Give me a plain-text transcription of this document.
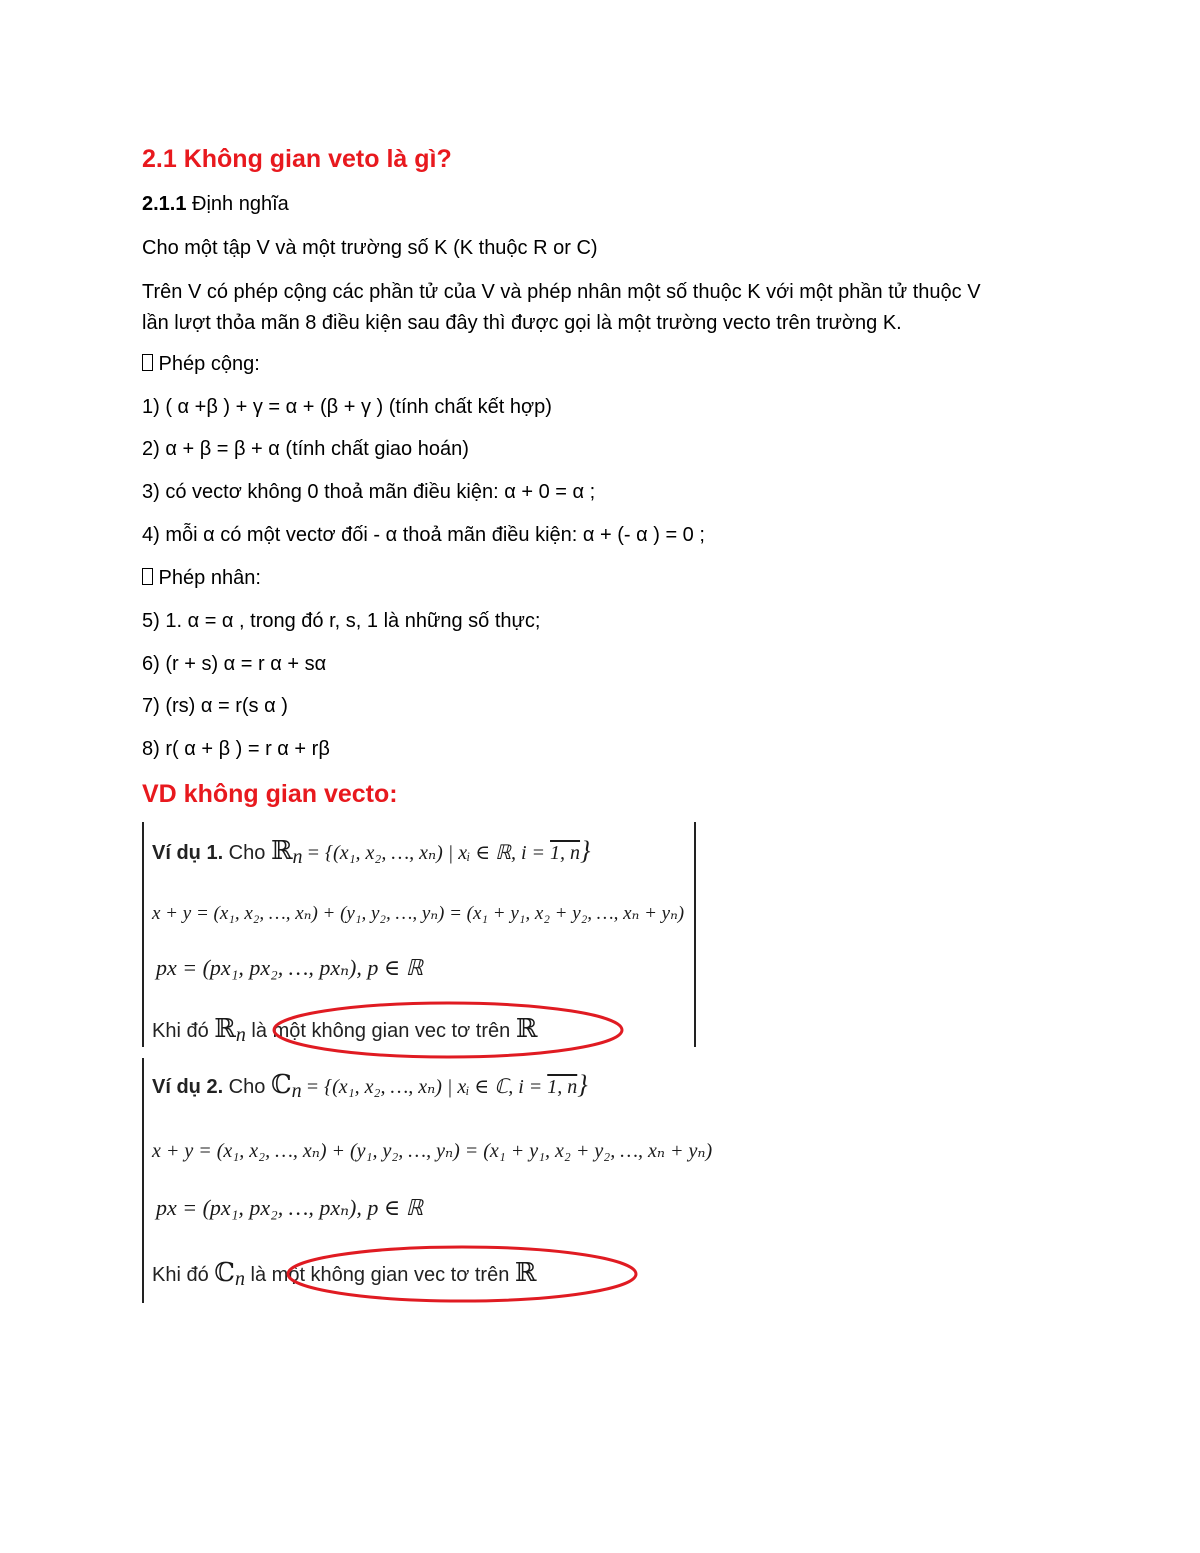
2.1 Không gian veto là gì?
2.1.1 Định nghĩa
Cho một tập V và một trường số K (K thuộc R or C)
Trên V có phép cộng các phần tử của V và phép nhân một số thuộc K với một phần tử thuộc V
lần lượt thỏa mãn 8 điều kiện sau đây thì được gọi là một trường vecto trên trường K.
Phép cộng:
1) ( α +β ) + γ = α + (β + γ ) (tính chất kết hợp)
2) α + β = β + α (tính chất giao hoán)
3) có vectơ không 0 thoả mãn điều kiện: α + 0 = α ;
4) mỗi α có một vectơ đối - α thoả mãn điều kiện: α + (- α ) = 0 ;
Phép nhân:
5) 1. α = α , trong đó r, s, 1 là những số thực;
6) (r + s) α = r α + sα
7) (rs) α = r(s α )
8) r( α + β ) = r α + rβ
VD không gian vecto:
Ví dụ 1. Cho ℝ$_n$ = {(x₁, x₂, …, xₙ) | xᵢ ∈ ℝ, i = 1, n}
x + y = (x₁, x₂, …, xₙ) + (y₁, y₂, …, yₙ) = (x₁ + y₁, x₂ + y₂, …, xₙ + yₙ)
px = (px₁, px₂, …, pxₙ), p ∈ ℝ
Khi đó ℝ$_n$ là một không gian vec tơ trên ℝ
Ví dụ 2. Cho ℂ$_n$ = {(x₁, x₂, …, xₙ) | xᵢ ∈ ℂ, i = 1, n}
x + y = (x₁, x₂, …, xₙ) + (y₁, y₂, …, yₙ) = (x₁ + y₁, x₂ + y₂, …, xₙ + yₙ)
px = (px₁, px₂, …, pxₙ), p ∈ ℝ
Khi đó ℂ$_n$ là một không gian vec tơ trên ℝ
